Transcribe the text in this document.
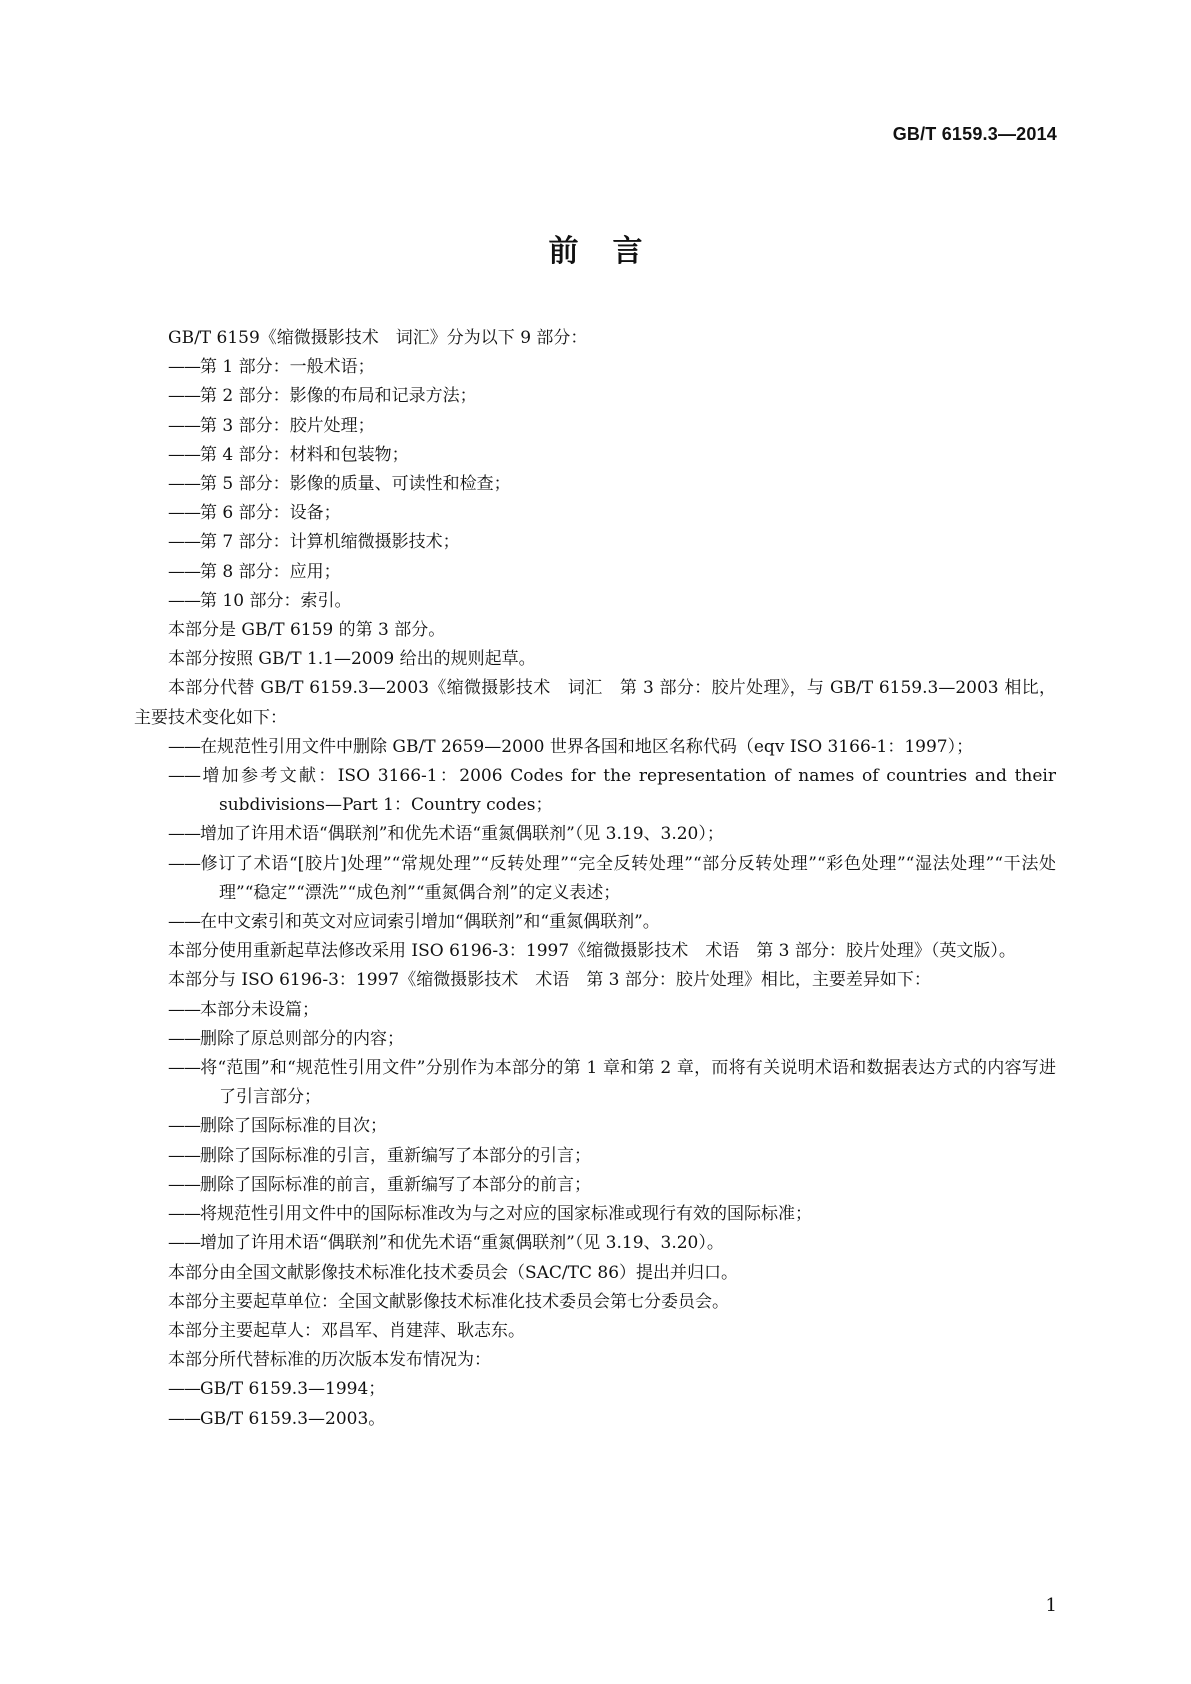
GB/T 6159.3—2014
前言

GB/T 6159《缩微摄影技术　词汇》分为以下 9 部分：

——第 1 部分：一般术语；

——第 2 部分：影像的布局和记录方法；

——第 3 部分：胶片处理；

——第 4 部分：材料和包装物；

——第 5 部分：影像的质量、可读性和检查；

——第 6 部分：设备；

——第 7 部分：计算机缩微摄影技术；

——第 8 部分：应用；

——第 10 部分：索引。

本部分是 GB/T 6159 的第 3 部分。

本部分按照 GB/T 1.1—2009 给出的规则起草。

本部分代替 GB/T 6159.3—2003《缩微摄影技术　词汇　第 3 部分：胶片处理》，与 GB/T 6159.3—2003 相比，主要技术变化如下：

——在规范性引用文件中删除 GB/T 2659—2000 世界各国和地区名称代码（eqv ISO 3166-1：1997）；

——增加参考文献：ISO 3166-1：2006 Codes for the representation of names of countries and their subdivisions—Part 1：Country codes；

——增加了许用术语“偶联剂”和优先术语“重氮偶联剂”（见 3.19、3.20）；

——修订了术语“[胶片]处理”“常规处理”“反转处理”“完全反转处理”“部分反转处理”“彩色处理”“湿法处理”“干法处理”“稳定”“漂洗”“成色剂”“重氮偶合剂”的定义表述；

——在中文索引和英文对应词索引增加“偶联剂”和“重氮偶联剂”。

本部分使用重新起草法修改采用 ISO 6196-3：1997《缩微摄影技术　术语　第 3 部分：胶片处理》（英文版）。

本部分与 ISO 6196-3：1997《缩微摄影技术　术语　第 3 部分：胶片处理》相比，主要差异如下：

——本部分未设篇；

——删除了原总则部分的内容；

——将“范围”和“规范性引用文件”分别作为本部分的第 1 章和第 2 章，而将有关说明术语和数据表达方式的内容写进了引言部分；

——删除了国际标准的目次；

——删除了国际标准的引言，重新编写了本部分的引言；

——删除了国际标准的前言，重新编写了本部分的前言；

——将规范性引用文件中的国际标准改为与之对应的国家标准或现行有效的国际标准；

——增加了许用术语“偶联剂”和优先术语“重氮偶联剂”（见 3.19、3.20）。

本部分由全国文献影像技术标准化技术委员会（SAC/TC 86）提出并归口。

本部分主要起草单位：全国文献影像技术标准化技术委员会第七分委员会。

本部分主要起草人：邓昌军、肖建萍、耿志东。

本部分所代替标准的历次版本发布情况为：

——GB/T 6159.3—1994；

——GB/T 6159.3—2003。

1
